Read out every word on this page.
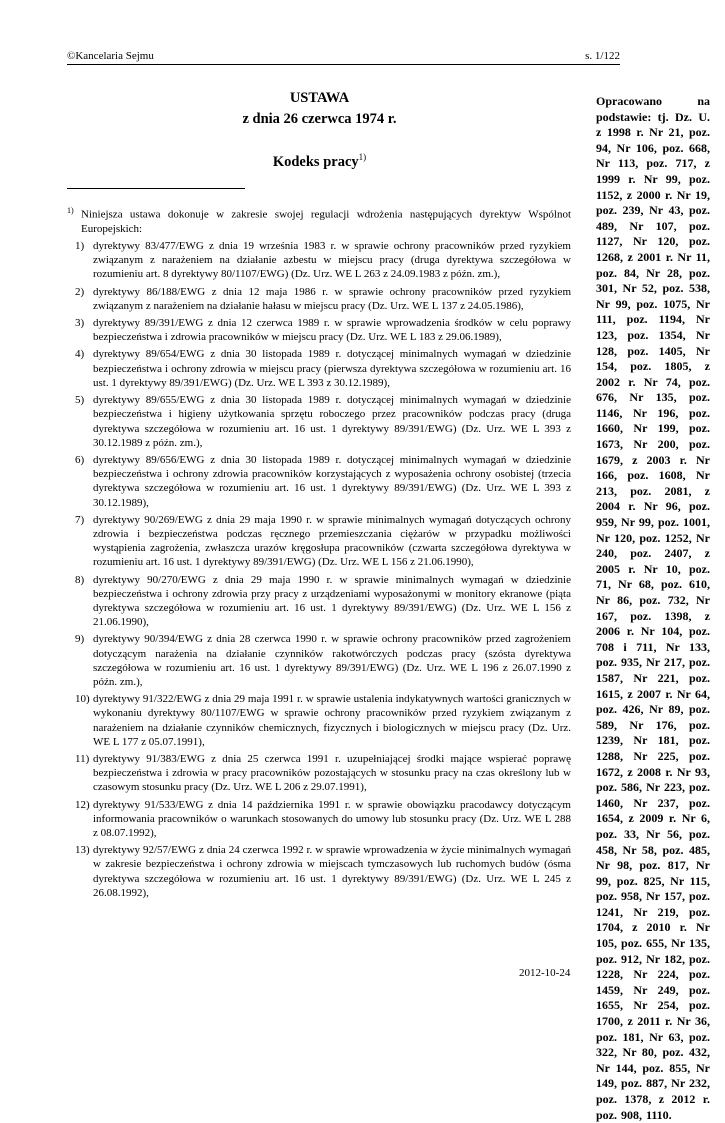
©Kancelaria Sejmu	s. 1/122
USTAWA
z dnia 26 czerwca 1974 r.
Kodeks pracy$^{1)}$
$^{1)}$ Niniejsza ustawa dokonuje w zakresie swojej regulacji wdrożenia następujących dyrektyw Wspólnot Europejskich:
1) dyrektywy 83/477/EWG z dnia 19 września 1983 r. w sprawie ochrony pracowników przed ryzykiem związanym z narażeniem na działanie azbestu w miejscu pracy (druga dyrektywa szczegółowa w rozumieniu art. 8 dyrektywy 80/1107/EWG) (Dz. Urz. WE L 263 z 24.09.1983 z późn. zm.),
2) dyrektywy 86/188/EWG z dnia 12 maja 1986 r. w sprawie ochrony pracowników przed ryzykiem związanym z narażeniem na działanie hałasu w miejscu pracy (Dz. Urz. WE L 137 z 24.05.1986),
3) dyrektywy 89/391/EWG z dnia 12 czerwca 1989 r. w sprawie wprowadzenia środków w celu poprawy bezpieczeństwa i zdrowia pracowników w miejscu pracy (Dz. Urz. WE L 183 z 29.06.1989),
4) dyrektywy 89/654/EWG z dnia 30 listopada 1989 r. dotyczącej minimalnych wymagań w dziedzinie bezpieczeństwa i ochrony zdrowia w miejscu pracy (pierwsza dyrektywa szczegółowa w rozumieniu art. 16 ust. 1 dyrektywy 89/391/EWG) (Dz. Urz. WE L 393 z 30.12.1989),
5) dyrektywy 89/655/EWG z dnia 30 listopada 1989 r. dotyczącej minimalnych wymagań w dziedzinie bezpieczeństwa i higieny użytkowania sprzętu roboczego przez pracowników podczas pracy (druga dyrektywa szczegółowa w rozumieniu art. 16 ust. 1 dyrektywy 89/391/EWG) (Dz. Urz. WE L 393 z 30.12.1989 z późn. zm.),
6) dyrektywy 89/656/EWG z dnia 30 listopada 1989 r. dotyczącej minimalnych wymagań w dziedzinie bezpieczeństwa i ochrony zdrowia pracowników korzystających z wyposażenia ochrony osobistej (trzecia dyrektywa szczegółowa w rozumieniu art. 16 ust. 1 dyrektywy 89/391/EWG) (Dz. Urz. WE L 393 z 30.12.1989),
7) dyrektywy 90/269/EWG z dnia 29 maja 1990 r. w sprawie minimalnych wymagań dotyczących ochrony zdrowia i bezpieczeństwa podczas ręcznego przemieszczania ciężarów w przypadku możliwości wystąpienia zagrożenia, zwłaszcza urazów kręgosłupa pracowników (czwarta szczegółowa dyrektywa w rozumieniu art. 16 ust. 1 dyrektywy 89/391/EWG) (Dz. Urz. WE L 156 z 21.06.1990),
8) dyrektywy 90/270/EWG z dnia 29 maja 1990 r. w sprawie minimalnych wymagań w dziedzinie bezpieczeństwa i ochrony zdrowia przy pracy z urządzeniami wyposażonymi w monitory ekranowe (piąta dyrektywa szczegółowa w rozumieniu art. 16 ust. 1 dyrektywy 89/391/EWG) (Dz. Urz. WE L 156 z 21.06.1990),
9) dyrektywy 90/394/EWG z dnia 28 czerwca 1990 r. w sprawie ochrony pracowników przed zagrożeniem dotyczącym narażenia na działanie czynników rakotwórczych podczas pracy (szósta dyrektywa szczegółowa w rozumieniu art. 16 ust. 1 dyrektywy 89/391/EWG) (Dz. Urz. WE L 196 z 26.07.1990 z późn. zm.),
10) dyrektywy 91/322/EWG z dnia 29 maja 1991 r. w sprawie ustalenia indykatywnych wartości granicznych w wykonaniu dyrektywy 80/1107/EWG w sprawie ochrony pracowników przed ryzykiem związanym z narażeniem na działanie czynników chemicznych, fizycznych i biologicznych w miejscu pracy (Dz. Urz. WE L 177 z 05.07.1991),
11) dyrektywy 91/383/EWG z dnia 25 czerwca 1991 r. uzupełniającej środki mające wspierać poprawę bezpieczeństwa i zdrowia w pracy pracowników pozostających w stosunku pracy na czas określony lub w czasowym stosunku pracy (Dz. Urz. WE L 206 z 29.07.1991),
12) dyrektywy 91/533/EWG z dnia 14 października 1991 r. w sprawie obowiązku pracodawcy dotyczącym informowania pracowników o warunkach stosowanych do umowy lub stosunku pracy (Dz. Urz. WE L 288 z 08.07.1992),
13) dyrektywy 92/57/EWG z dnia 24 czerwca 1992 r. w sprawie wprowadzenia w życie minimalnych wymagań w zakresie bezpieczeństwa i ochrony zdrowia w miejscach tymczasowych lub ruchomych budów (ósma dyrektywa szczegółowa w rozumieniu art. 16 ust. 1 dyrektywy 89/391/EWG) (Dz. Urz. WE L 245 z 26.08.1992),
2012-10-24
Opracowano na podstawie: tj. Dz. U. z 1998 r. Nr 21, poz. 94, Nr 106, poz. 668, Nr 113, poz. 717, z 1999 r. Nr 99, poz. 1152, z 2000 r. Nr 19, poz. 239, Nr 43, poz. 489, Nr 107, poz. 1127, Nr 120, poz. 1268, z 2001 r. Nr 11, poz. 84, Nr 28, poz. 301, Nr 52, poz. 538, Nr 99, poz. 1075, Nr 111, poz. 1194, Nr 123, poz. 1354, Nr 128, poz. 1405, Nr 154, poz. 1805, z 2002 r. Nr 74, poz. 676, Nr 135, poz. 1146, Nr 196, poz. 1660, Nr 199, poz. 1673, Nr 200, poz. 1679, z 2003 r. Nr 166, poz. 1608, Nr 213, poz. 2081, z 2004 r. Nr 96, poz. 959, Nr 99, poz. 1001, Nr 120, poz. 1252, Nr 240, poz. 2407, z 2005 r. Nr 10, poz. 71, Nr 68, poz. 610, Nr 86, poz. 732, Nr 167, poz. 1398, z 2006 r. Nr 104, poz. 708 i 711, Nr 133, poz. 935, Nr 217, poz. 1587, Nr 221, poz. 1615, z 2007 r. Nr 64, poz. 426, Nr 89, poz. 589, Nr 176, poz. 1239, Nr 181, poz. 1288, Nr 225, poz. 1672, z 2008 r. Nr 93, poz. 586, Nr 223, poz. 1460, Nr 237, poz. 1654, z 2009 r. Nr 6, poz. 33, Nr 56, poz. 458, Nr 58, poz. 485, Nr 98, poz. 817, Nr 99, poz. 825, Nr 115, poz. 958, Nr 157, poz. 1241, Nr 219, poz. 1704, z 2010 r. Nr 105, poz. 655, Nr 135, poz. 912, Nr 182, poz. 1228, Nr 224, poz. 1459, Nr 249, poz. 1655, Nr 254, poz. 1700, z 2011 r. Nr 36, poz. 181, Nr 63, poz. 322, Nr 80, poz. 432, Nr 144, poz. 855, Nr 149, poz. 887, Nr 232, poz. 1378, z 2012 r. poz. 908, 1110.
